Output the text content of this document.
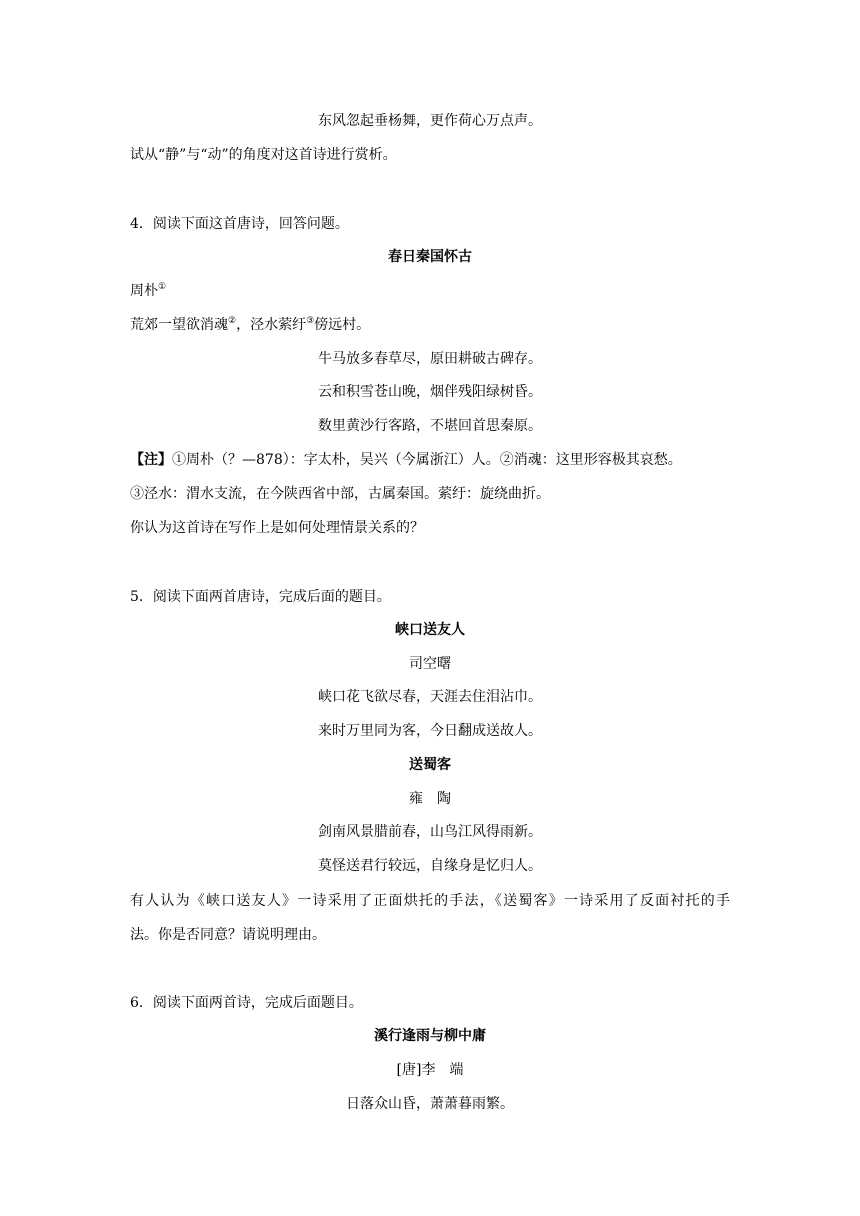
东风忽起垂杨舞，更作荷心万点声。
试从“静”与“动”的角度对这首诗进行赏析。
4．阅读下面这首唐诗，回答问题。
春日秦国怀古
周朴①
荒郊一望欲消魂②，泾水萦纡③傍远村。
牛马放多春草尽，原田耕破古碑存。
云和积雪苍山晚，烟伴残阳绿树昏。
数里黄沙行客路，不堪回首思秦原。
【注】①周朴（？—878）：字太朴，吴兴（今属浙江）人。②消魂：这里形容极其哀愁。
③泾水：渭水支流，在今陕西省中部，古属秦国。萦纡：旋绕曲折。
你认为这首诗在写作上是如何处理情景关系的？
5．阅读下面两首唐诗，完成后面的题目。
峡口送友人
司空曙
峡口花飞欲尽春，天涯去住泪沾巾。
来时万里同为客，今日翻成送故人。
送蜀客
雍　陶
剑南风景腊前春，山鸟江风得雨新。
莫怪送君行较远，自缘身是忆归人。
有人认为《峡口送友人》一诗采用了正面烘托的手法，《送蜀客》一诗采用了反面衬托的手
法。你是否同意？请说明理由。
6．阅读下面两首诗，完成后面题目。
溪行逢雨与柳中庸
[唐]李　端
日落众山昏，萧萧暮雨繁。
